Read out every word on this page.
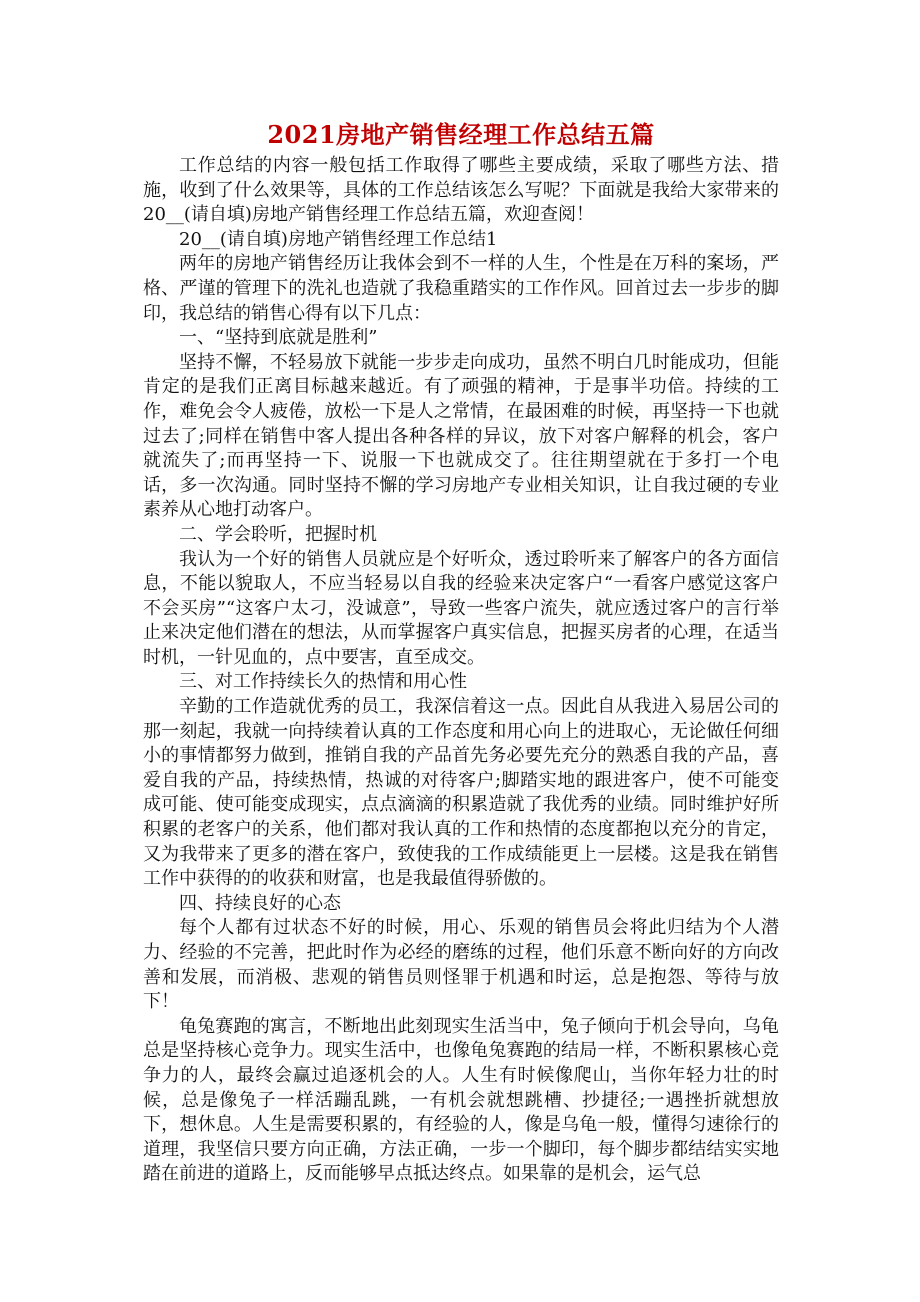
2021房地产销售经理工作总结五篇

工作总结的内容一般包括工作取得了哪些主要成绩，采取了哪些方法、措施，收到了什么效果等，具体的工作总结该怎么写呢？下面就是我给大家带来的20__(请自填)房地产销售经理工作总结五篇，欢迎查阅！

20__(请自填)房地产销售经理工作总结1

两年的房地产销售经历让我体会到不一样的人生，个性是在万科的案场，严格、严谨的管理下的洗礼也造就了我稳重踏实的工作作风。回首过去一步步的脚印，我总结的销售心得有以下几点：

一、“坚持到底就是胜利”

坚持不懈，不轻易放下就能一步步走向成功，虽然不明白几时能成功，但能肯定的是我们正离目标越来越近。有了顽强的精神，于是事半功倍。持续的工作，难免会令人疲倦，放松一下是人之常情，在最困难的时候，再坚持一下也就过去了;同样在销售中客人提出各种各样的异议，放下对客户解释的机会，客户就流失了;而再坚持一下、说服一下也就成交了。往往期望就在于多打一个电话，多一次沟通。同时坚持不懈的学习房地产专业相关知识，让自我过硬的专业素养从心地打动客户。

二、学会聆听，把握时机

我认为一个好的销售人员就应是个好听众，透过聆听来了解客户的各方面信息，不能以貌取人，不应当轻易以自我的经验来决定客户“一看客户感觉这客户不会买房”“这客户太刁，没诚意”，导致一些客户流失，就应透过客户的言行举止来决定他们潜在的想法，从而掌握客户真实信息，把握买房者的心理，在适当时机，一针见血的，点中要害，直至成交。

三、对工作持续长久的热情和用心性

辛勤的工作造就优秀的员工，我深信着这一点。因此自从我进入易居公司的那一刻起，我就一向持续着认真的工作态度和用心向上的进取心，无论做任何细小的事情都努力做到，推销自我的产品首先务必要先充分的熟悉自我的产品，喜爱自我的产品，持续热情，热诚的对待客户;脚踏实地的跟进客户，使不可能变成可能、使可能变成现实，点点滴滴的积累造就了我优秀的业绩。同时维护好所积累的老客户的关系，他们都对我认真的工作和热情的态度都抱以充分的肯定，又为我带来了更多的潜在客户，致使我的工作成绩能更上一层楼。这是我在销售工作中获得的的收获和财富，也是我最值得骄傲的。

四、持续良好的心态

每个人都有过状态不好的时候，用心、乐观的销售员会将此归结为个人潜力、经验的不完善，把此时作为必经的磨练的过程，他们乐意不断向好的方向改善和发展，而消极、悲观的销售员则怪罪于机遇和时运，总是抱怨、等待与放下！

龟兔赛跑的寓言，不断地出此刻现实生活当中，兔子倾向于机会导向，乌龟总是坚持核心竞争力。现实生活中，也像龟兔赛跑的结局一样，不断积累核心竞争力的人，最终会赢过追逐机会的人。人生有时候像爬山，当你年轻力壮的时候，总是像兔子一样活蹦乱跳，一有机会就想跳槽、抄捷径;一遇挫折就想放下，想休息。人生是需要积累的，有经验的人，像是乌龟一般，懂得匀速徐行的道理，我坚信只要方向正确，方法正确，一步一个脚印，每个脚步都结结实实地踏在前进的道路上，反而能够早点抵达终点。如果靠的是机会，运气总
